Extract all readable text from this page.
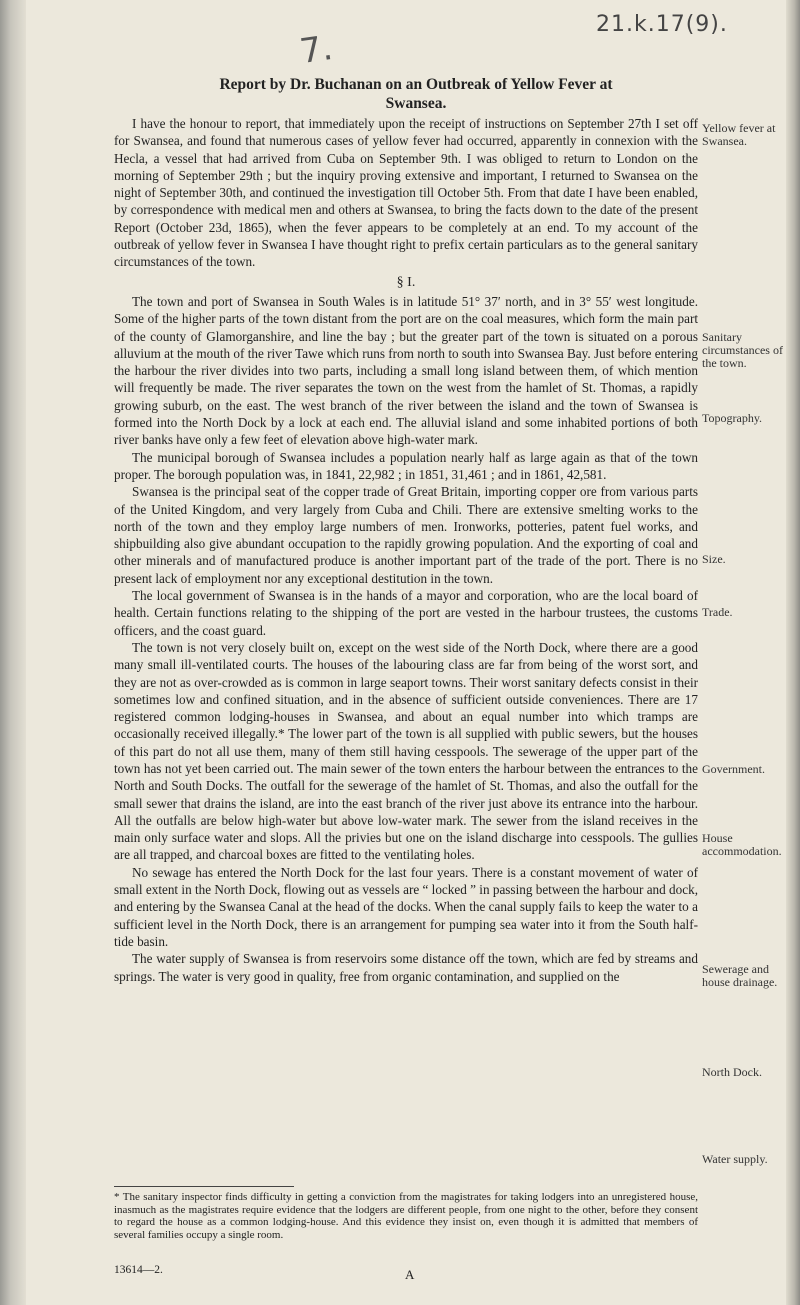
7.
21.k.17(9).
Report by Dr. Buchanan on an Outbreak of Yellow Fever at
Swansea.

I have the honour to report, that immediately upon the receipt of instructions on September 27th I set off for Swansea, and found that numerous cases of yellow fever had occurred, apparently in connexion with the Hecla, a vessel that had arrived from Cuba on September 9th. I was obliged to return to London on the morning of September 29th ; but the inquiry proving extensive and important, I returned to Swansea on the night of September 30th, and continued the investigation till October 5th. From that date I have been enabled, by correspondence with medical men and others at Swansea, to bring the facts down to the date of the present Report (October 23d, 1865), when the fever appears to be completely at an end. To my account of the outbreak of yellow fever in Swansea I have thought right to prefix certain particulars as to the general sanitary circumstances of the town.

§ I.

The town and port of Swansea in South Wales is in latitude 51° 37′ north, and in 3° 55′ west longitude. Some of the higher parts of the town distant from the port are on the coal measures, which form the main part of the county of Glamorganshire, and line the bay ; but the greater part of the town is situated on a porous alluvium at the mouth of the river Tawe which runs from north to south into Swansea Bay. Just before entering the harbour the river divides into two parts, including a small long island between them, of which mention will frequently be made. The river separates the town on the west from the hamlet of St. Thomas, a rapidly growing suburb, on the east. The west branch of the river between the island and the town of Swansea is formed into the North Dock by a lock at each end. The alluvial island and some inhabited portions of both river banks have only a few feet of elevation above high-water mark.

The municipal borough of Swansea includes a population nearly half as large again as that of the town proper. The borough population was, in 1841, 22,982 ; in 1851, 31,461 ; and in 1861, 42,581.

Swansea is the principal seat of the copper trade of Great Britain, importing copper ore from various parts of the United Kingdom, and very largely from Cuba and Chili. There are extensive smelting works to the north of the town and they employ large numbers of men. Ironworks, potteries, patent fuel works, and shipbuilding also give abundant occupation to the rapidly growing population. And the exporting of coal and other minerals and of manufactured produce is another important part of the trade of the port. There is no present lack of employment nor any exceptional destitution in the town.

The local government of Swansea is in the hands of a mayor and corporation, who are the local board of health. Certain functions relating to the shipping of the port are vested in the harbour trustees, the customs officers, and the coast guard.

The town is not very closely built on, except on the west side of the North Dock, where there are a good many small ill-ventilated courts. The houses of the labouring class are far from being of the worst sort, and they are not as over-crowded as is common in large seaport towns. Their worst sanitary defects consist in their sometimes low and confined situation, and in the absence of sufficient outside conveniences. There are 17 registered common lodging-houses in Swansea, and about an equal number into which tramps are occasionally received illegally.* The lower part of the town is all supplied with public sewers, but the houses of this part do not all use them, many of them still having cesspools. The sewerage of the upper part of the town has not yet been carried out. The main sewer of the town enters the harbour between the entrances to the North and South Docks. The outfall for the sewerage of the hamlet of St. Thomas, and also the outfall for the small sewer that drains the island, are into the east branch of the river just above its entrance into the harbour. All the outfalls are below high-water but above low-water mark. The sewer from the island receives in the main only surface water and slops. All the privies but one on the island discharge into cesspools. The gullies are all trapped, and charcoal boxes are fitted to the ventilating holes.

No sewage has entered the North Dock for the last four years. There is a constant movement of water of small extent in the North Dock, flowing out as vessels are “ locked ” in passing between the harbour and dock, and entering by the Swansea Canal at the head of the docks. When the canal supply fails to keep the water to a sufficient level in the North Dock, there is an arrangement for pumping sea water into it from the South half-tide basin.

The water supply of Swansea is from reservoirs some distance off the town, which are fed by streams and springs. The water is very good in quality, free from organic contamination, and supplied on the

Yellow fever at Swansea.
Sanitary circumstances of the town.
Topography.
Size.
Trade.
Government.
House accommodation.
Sewerage and house drainage.
North Dock.
Water supply.
* The sanitary inspector finds difficulty in getting a conviction from the magistrates for taking lodgers into an unregistered house, inasmuch as the magistrates require evidence that the lodgers are different people, from one night to the other, before they consent to regard the house as a common lodging-house. And this evidence they insist on, even though it is admitted that members of several families occupy a single room.
13614—2.	A
